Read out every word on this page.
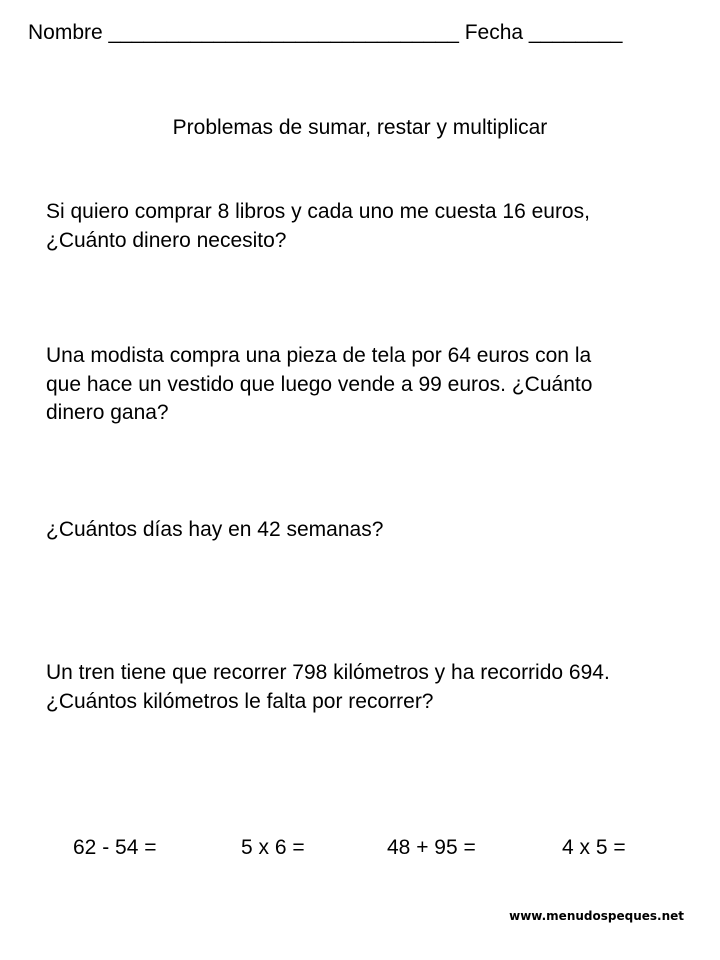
Nombre ______________________________ Fecha ________
Problemas de sumar, restar y multiplicar

Si quiero comprar 8 libros y cada uno me cuesta 16 euros,

¿Cuánto dinero necesito?

Una modista compra una pieza de tela por 64 euros con la

que hace un vestido que luego vende a 99 euros. ¿Cuánto

dinero gana?

¿Cuántos días hay en 42 semanas?

Un tren tiene que recorrer 798 kilómetros y ha recorrido 694.

¿Cuántos kilómetros le falta por recorrer?

62 - 54 =	5 x 6 =	48 + 95 =	4 x 5 =
www.menudospeques.net
